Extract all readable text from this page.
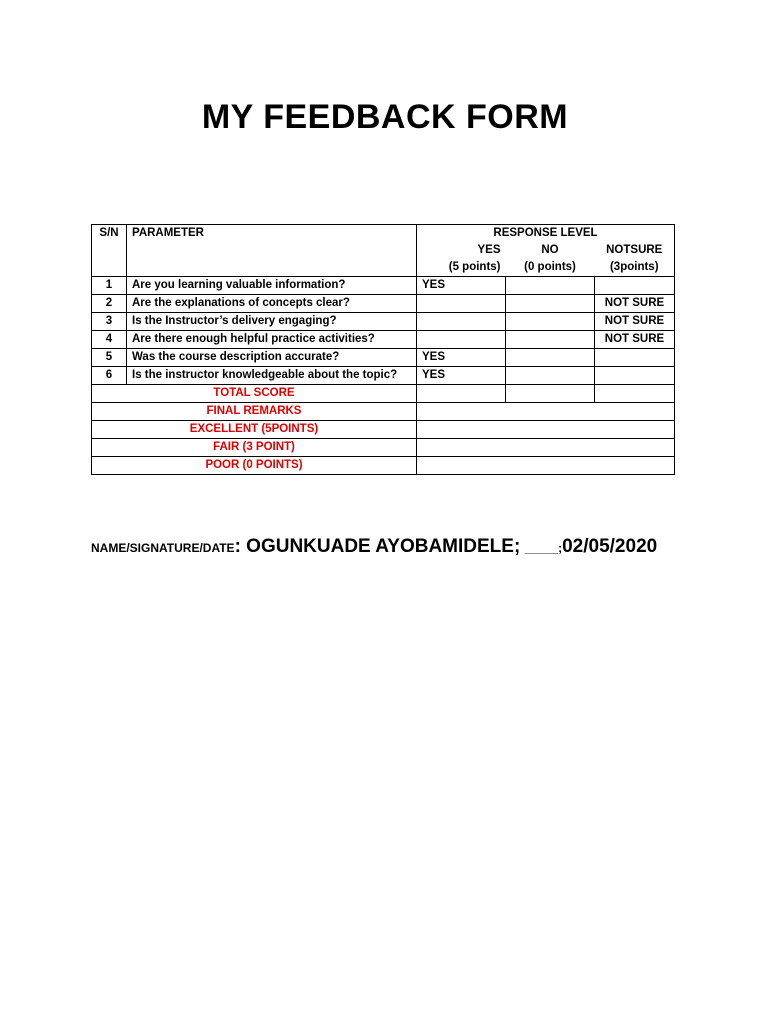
MY FEEDBACK FORM
S/N	PARAMETER	RESPONSE LEVEL		
		YES	NO	NOTSURE
		(5 points)	(0 points)	(3points)
1	Are you learning valuable information?	YES		
2	Are the explanations of concepts clear?			NOT SURE
3	Is the Instructor’s delivery engaging?			NOT SURE
4	Are there enough helpful practice activities?			NOT SURE
5	Was the course description accurate?	YES		
6	Is the instructor knowledgeable about the topic?	YES		
TOTAL SCORE				
FINAL REMARKS				
EXCELLENT (5POINTS)				
FAIR (3 POINT)				
POOR (0 POINTS)				
NAME/SIGNATURE/DATE: OGUNKUADE AYOBAMIDELE; _____;02/05/2020
